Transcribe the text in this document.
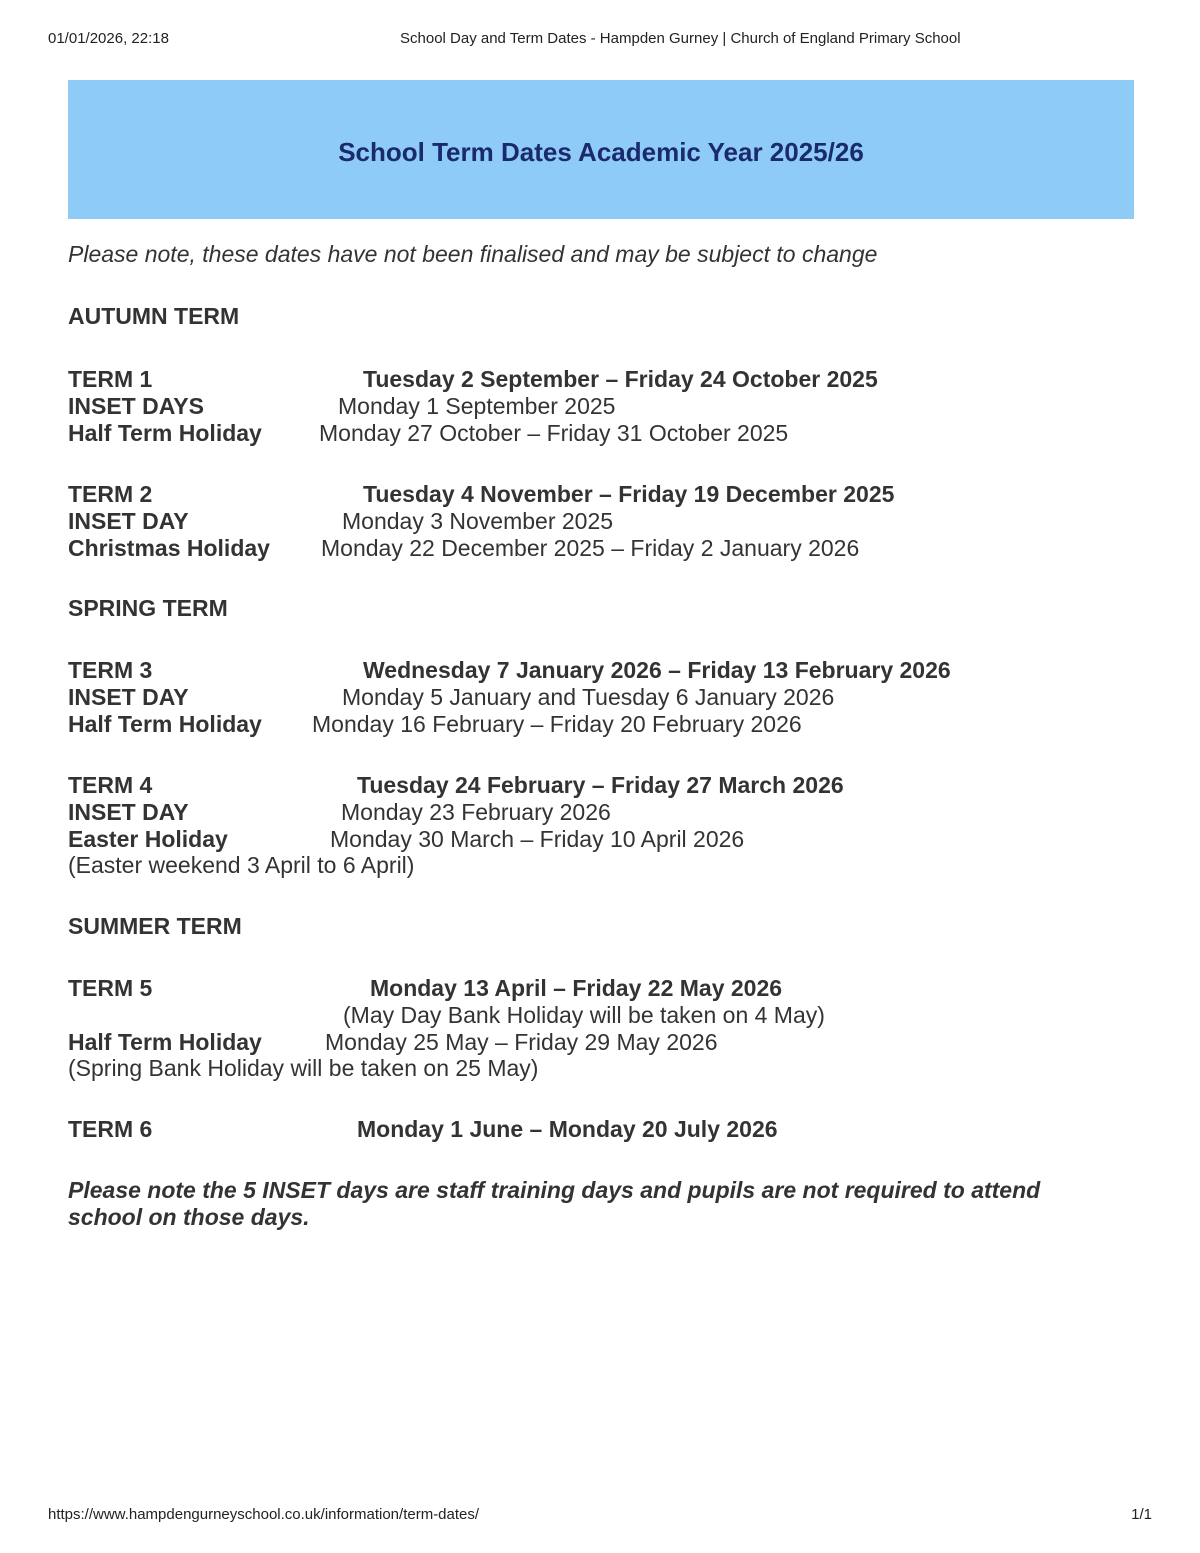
01/01/2026, 22:18	School Day and Term Dates - Hampden Gurney | Church of England Primary School
School Term Dates Academic Year 2025/26
Please note, these dates have not been finalised and may be subject to change
AUTUMN TERM
TERM 1	Tuesday 2 September – Friday 24 October 2025
INSET DAYS	Monday 1 September 2025
Half Term Holiday Monday 27 October – Friday 31 October 2025
TERM 2	Tuesday 4 November – Friday 19 December 2025
INSET DAY	Monday 3 November 2025
Christmas Holiday Monday 22 December 2025 – Friday 2 January 2026
SPRING TERM
TERM 3	Wednesday 7 January 2026 – Friday 13 February 2026
INSET DAY	Monday 5 January and Tuesday 6 January 2026
Half Term Holiday Monday 16 February – Friday 20 February 2026
TERM 4	Tuesday 24 February – Friday 27 March 2026
INSET DAY	Monday 23 February 2026
Easter Holiday	Monday 30 March – Friday 10 April 2026
(Easter weekend 3 April to 6 April)
SUMMER TERM
TERM 5	Monday 13 April – Friday 22 May 2026
(May Day Bank Holiday will be taken on 4 May)
Half Term Holiday	Monday 25 May – Friday 29 May 2026
(Spring Bank Holiday will be taken on 25 May)
TERM 6	Monday 1 June – Monday 20 July 2026
Please note the 5 INSET days are staff training days and pupils are not required to attend school on those days.
https://www.hampdengurneyschool.co.uk/information/term-dates/	1/1
